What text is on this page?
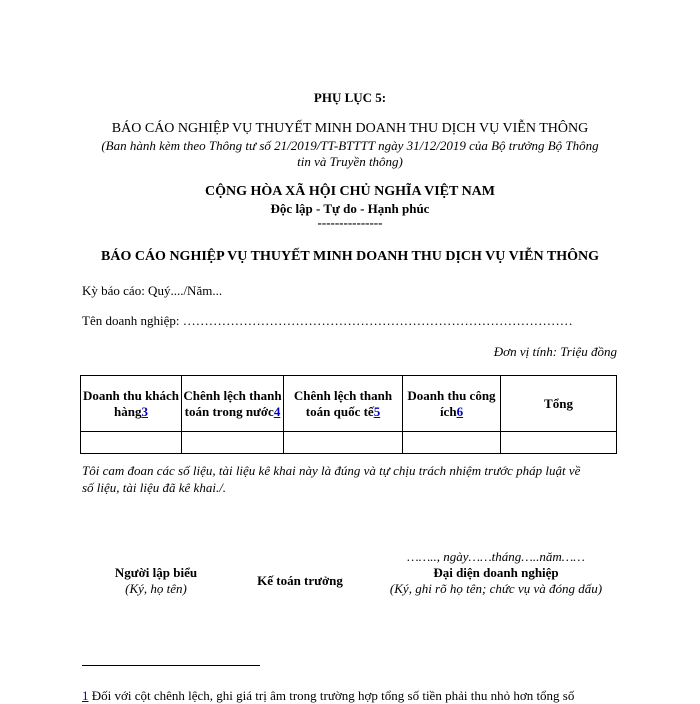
PHỤ LỤC 5:
BÁO CÁO NGHIỆP VỤ THUYẾT MINH DOANH THU DỊCH VỤ VIỄN THÔNG
(Ban hành kèm theo Thông tư số 21/2019/TT-BTTTT ngày 31/12/2019 của Bộ trưởng Bộ Thông
tin và Truyền thông)
CỘNG HÒA XÃ HỘI CHỦ NGHĨA VIỆT NAM
Độc lập - Tự do - Hạnh phúc
---------------
BÁO CÁO NGHIỆP VỤ THUYẾT MINH DOANH THU DỊCH VỤ VIỄN THÔNG
Kỳ báo cáo: Quý..../Năm...
Tên doanh nghiệp: ………………………………………………………………………………
Đơn vị tính: Triệu đồng
Doanh thu khách hàng3	Chênh lệch thanh toán trong nước4	Chênh lệch thanh toán quốc tế5	Doanh thu công ích6	Tổng

Tôi cam đoan các số liệu, tài liệu kê khai này là đúng và tự chịu trách nhiệm trước pháp luật về
số liệu, tài liệu đã kê khai./.
…….., ngày……tháng…..năm……
Người lập biểu
(Ký, họ tên)
Kế toán trưởng
Đại diện doanh nghiệp
(Ký, ghi rõ họ tên; chức vụ và đóng dấu)
1 Đối với cột chênh lệch, ghi giá trị âm trong trường hợp tổng số tiền phải thu nhỏ hơn tổng số
